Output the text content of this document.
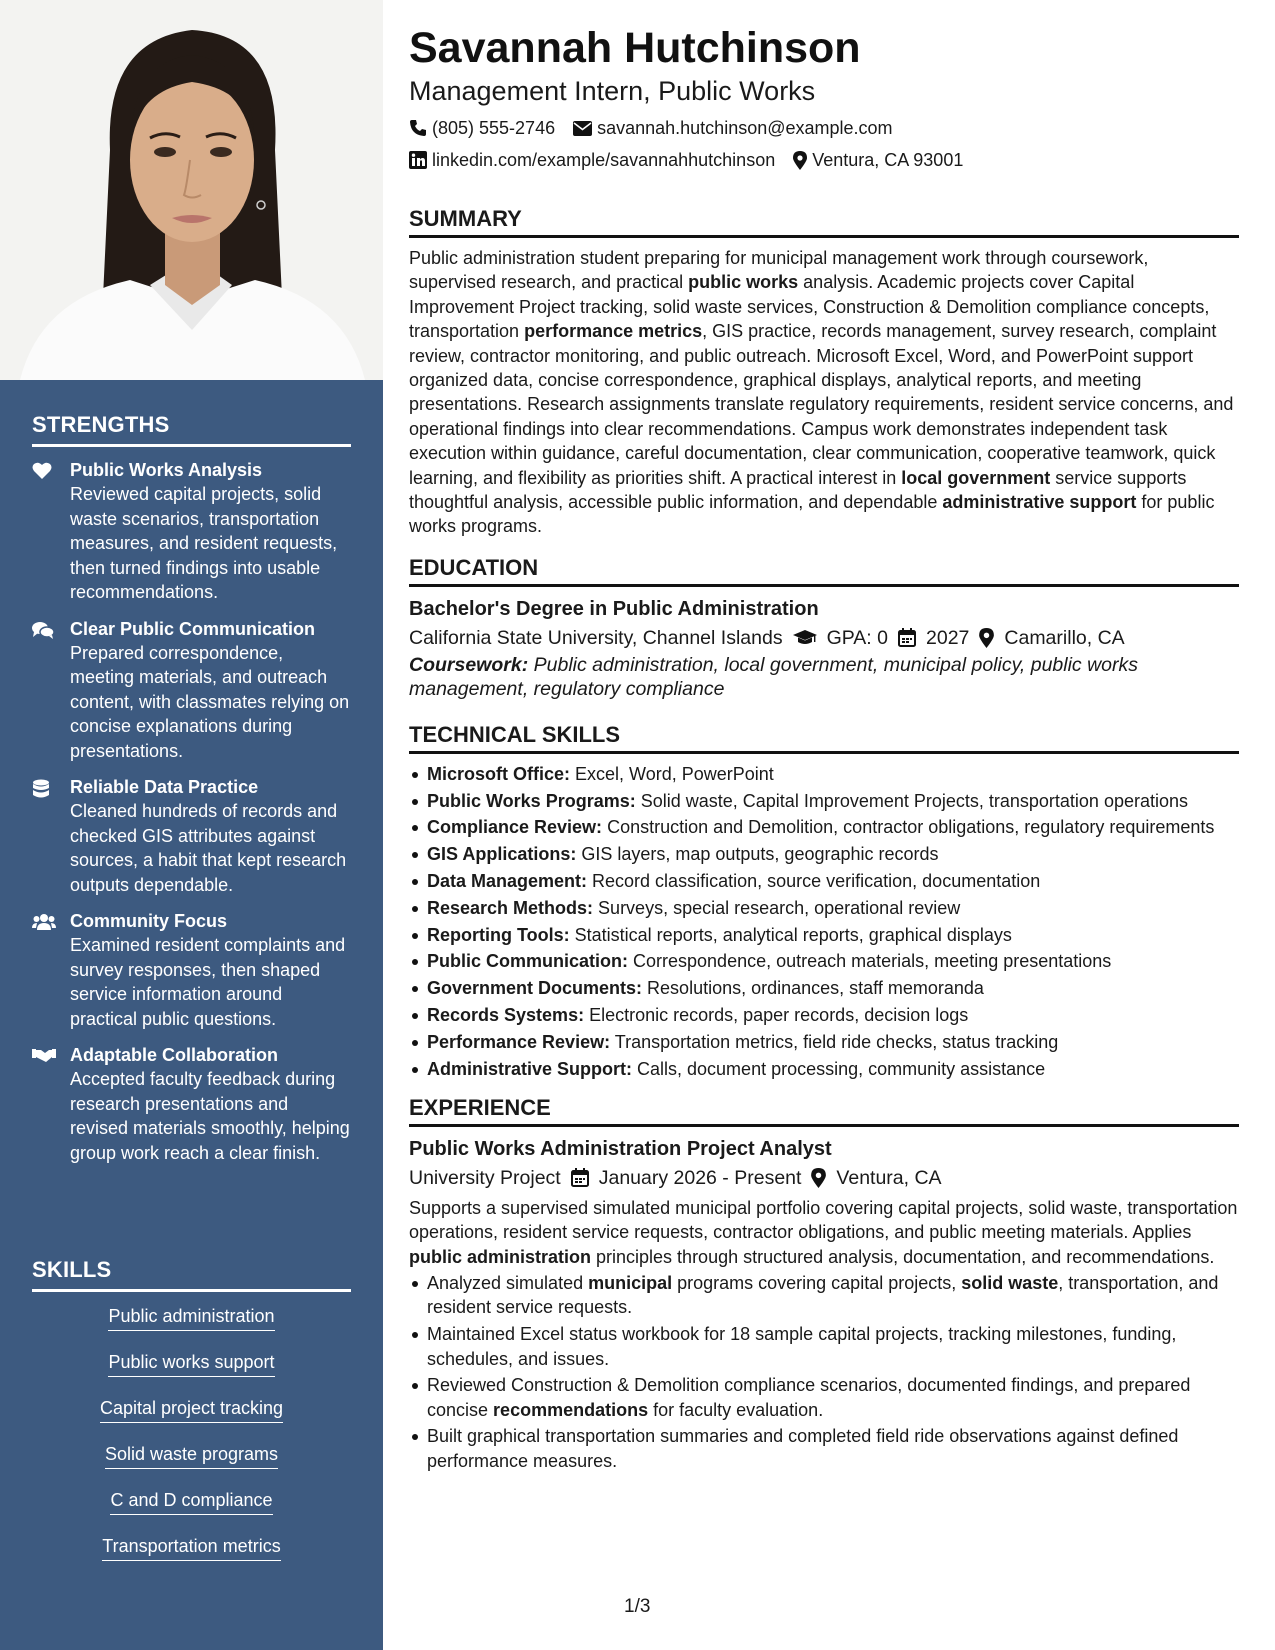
STRENGTHS
Public Works Analysis
Reviewed capital projects, solid waste scenarios, transportation measures, and resident requests, then turned findings into usable recommendations.
Clear Public Communication
Prepared correspondence, meeting materials, and outreach content, with classmates relying on concise explanations during presentations.
Reliable Data Practice
Cleaned hundreds of records and checked GIS attributes against sources, a habit that kept research outputs dependable.
Community Focus
Examined resident complaints and survey responses, then shaped service information around practical public questions.
Adaptable Collaboration
Accepted faculty feedback during research presentations and revised materials smoothly, helping group work reach a clear finish.
SKILLS
Public administration
Public works support
Capital project tracking
Solid waste programs
C and D compliance
Transportation metrics
Savannah Hutchinson
Management Intern, Public Works
(805) 555-2746 savannah.hutchinson@example.com
linkedin.com/example/savannahhutchinson Ventura, CA 93001
SUMMARY
Public administration student preparing for municipal management work through coursework, supervised research, and practical public works analysis. Academic projects cover Capital Improvement Project tracking, solid waste services, Construction & Demolition compliance concepts, transportation performance metrics, GIS practice, records management, survey research, complaint review, contractor monitoring, and public outreach. Microsoft Excel, Word, and PowerPoint support organized data, concise correspondence, graphical displays, analytical reports, and meeting presentations. Research assignments translate regulatory requirements, resident service concerns, and operational findings into clear recommendations. Campus work demonstrates independent task execution within guidance, careful documentation, clear communication, cooperative teamwork, quick learning, and flexibility as priorities shift. A practical interest in local government service supports thoughtful analysis, accessible public information, and dependable administrative support for public works programs.
EDUCATION
Bachelor's Degree in Public Administration
California State University, Channel Islands GPA: 0 2027 Camarillo, CA
Coursework: Public administration, local government, municipal policy, public works management, regulatory compliance
TECHNICAL SKILLS
Microsoft Office: Excel, Word, PowerPoint
Public Works Programs: Solid waste, Capital Improvement Projects, transportation operations
Compliance Review: Construction and Demolition, contractor obligations, regulatory requirements
GIS Applications: GIS layers, map outputs, geographic records
Data Management: Record classification, source verification, documentation
Research Methods: Surveys, special research, operational review
Reporting Tools: Statistical reports, analytical reports, graphical displays
Public Communication: Correspondence, outreach materials, meeting presentations
Government Documents: Resolutions, ordinances, staff memoranda
Records Systems: Electronic records, paper records, decision logs
Performance Review: Transportation metrics, field ride checks, status tracking
Administrative Support: Calls, document processing, community assistance
EXPERIENCE
Public Works Administration Project Analyst
University Project January 2026 - Present Ventura, CA
Supports a supervised simulated municipal portfolio covering capital projects, solid waste, transportation operations, resident service requests, contractor obligations, and public meeting materials. Applies public administration principles through structured analysis, documentation, and recommendations.
Analyzed simulated municipal programs covering capital projects, solid waste, transportation, and resident service requests.
Maintained Excel status workbook for 18 sample capital projects, tracking milestones, funding, schedules, and issues.
Reviewed Construction & Demolition compliance scenarios, documented findings, and prepared concise recommendations for faculty evaluation.
Built graphical transportation summaries and completed field ride observations against defined performance measures.
1/3
